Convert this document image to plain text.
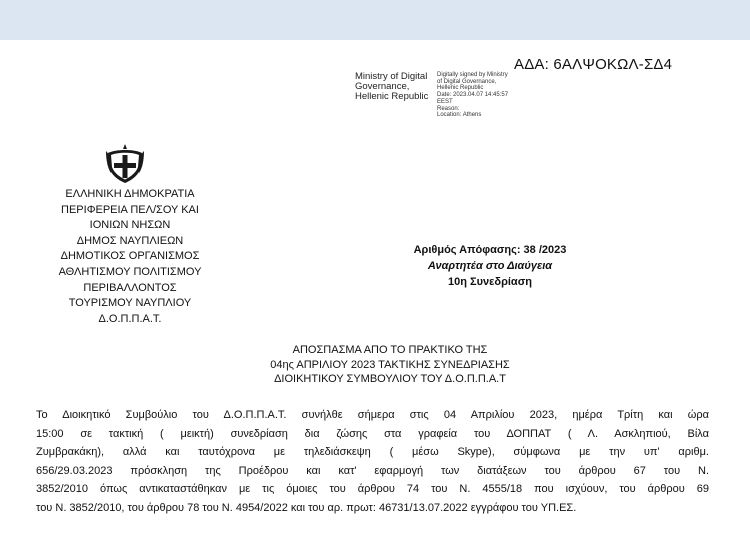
ΑΔΑ: 6ΑΛΨΟΚΩΛ-ΣΔ4
Ministry of Digital
Governance,
Hellenic Republic
Digitally signed by Ministry
of Digital Governance,
Hellenic Republic
Date: 2023.04.07 14:45:57
EEST
Reason:
Location: Athens
ΕΛΛΗΝΙΚΗ ΔΗΜΟΚΡΑΤΙΑ
ΠΕΡΙΦΕΡΕΙΑ ΠΕΛ/ΣΟΥ ΚΑΙ
ΙΟΝΙΩΝ ΝΗΣΩΝ
ΔΗΜΟΣ ΝΑΥΠΛΙΕΩΝ
ΔΗΜΟΤΙΚΟΣ ΟΡΓΑΝΙΣΜΟΣ
ΑΘΛΗΤΙΣΜΟΥ ΠΟΛΙΤΙΣΜΟΥ
ΠΕΡΙΒΑΛΛΟΝΤΟΣ
ΤΟΥΡΙΣΜΟΥ ΝΑΥΠΛΙΟΥ
Δ.Ο.Π.Π.Α.Τ.
Αριθμός Απόφασης: 38 /2023
Αναρτητέα στο Διαύγεια
10η Συνεδρίαση
ΑΠΟΣΠΑΣΜΑ ΑΠΟ ΤΟ ΠΡΑΚΤΙΚΟ ΤΗΣ
04ης ΑΠΡΙΛΙΟΥ 2023 ΤΑΚΤΙΚΗΣ ΣΥΝΕΔΡΙΑΣΗΣ
ΔΙΟΙΚΗΤΙΚΟΥ ΣΥΜΒΟΥΛΙΟΥ ΤΟΥ Δ.Ο.Π.Π.Α.Τ
Το Διοικητικό Συμβούλιο του Δ.Ο.Π.Π.Α.Τ. συνήλθε σήμερα στις 04 Απριλίου 2023, ημέρα Τρίτη και ώρα
15:00 σε τακτική ( μεικτή) συνεδρίαση δια ζώσης στα γραφεία του ΔΟΠΠΑΤ ( Λ. Ασκληπιού, Βίλα
Ζυμβρακάκη), αλλά και ταυτόχρονα με τηλεδιάσκεψη ( μέσω Skype), σύμφωνα με την υπ' αριθμ.
656/29.03.2023 πρόσκληση της Προέδρου και κατ' εφαρμογή των διατάξεων του άρθρου 67 του Ν.
3852/2010 όπως αντικαταστάθηκαν με τις όμοιες του άρθρου 74 του Ν. 4555/18 που ισχύουν, του άρθρου 69
του Ν. 3852/2010, του άρθρου 78 του Ν. 4954/2022 και του αρ. πρωτ: 46731/13.07.2022 εγγράφου του ΥΠ.ΕΣ.
